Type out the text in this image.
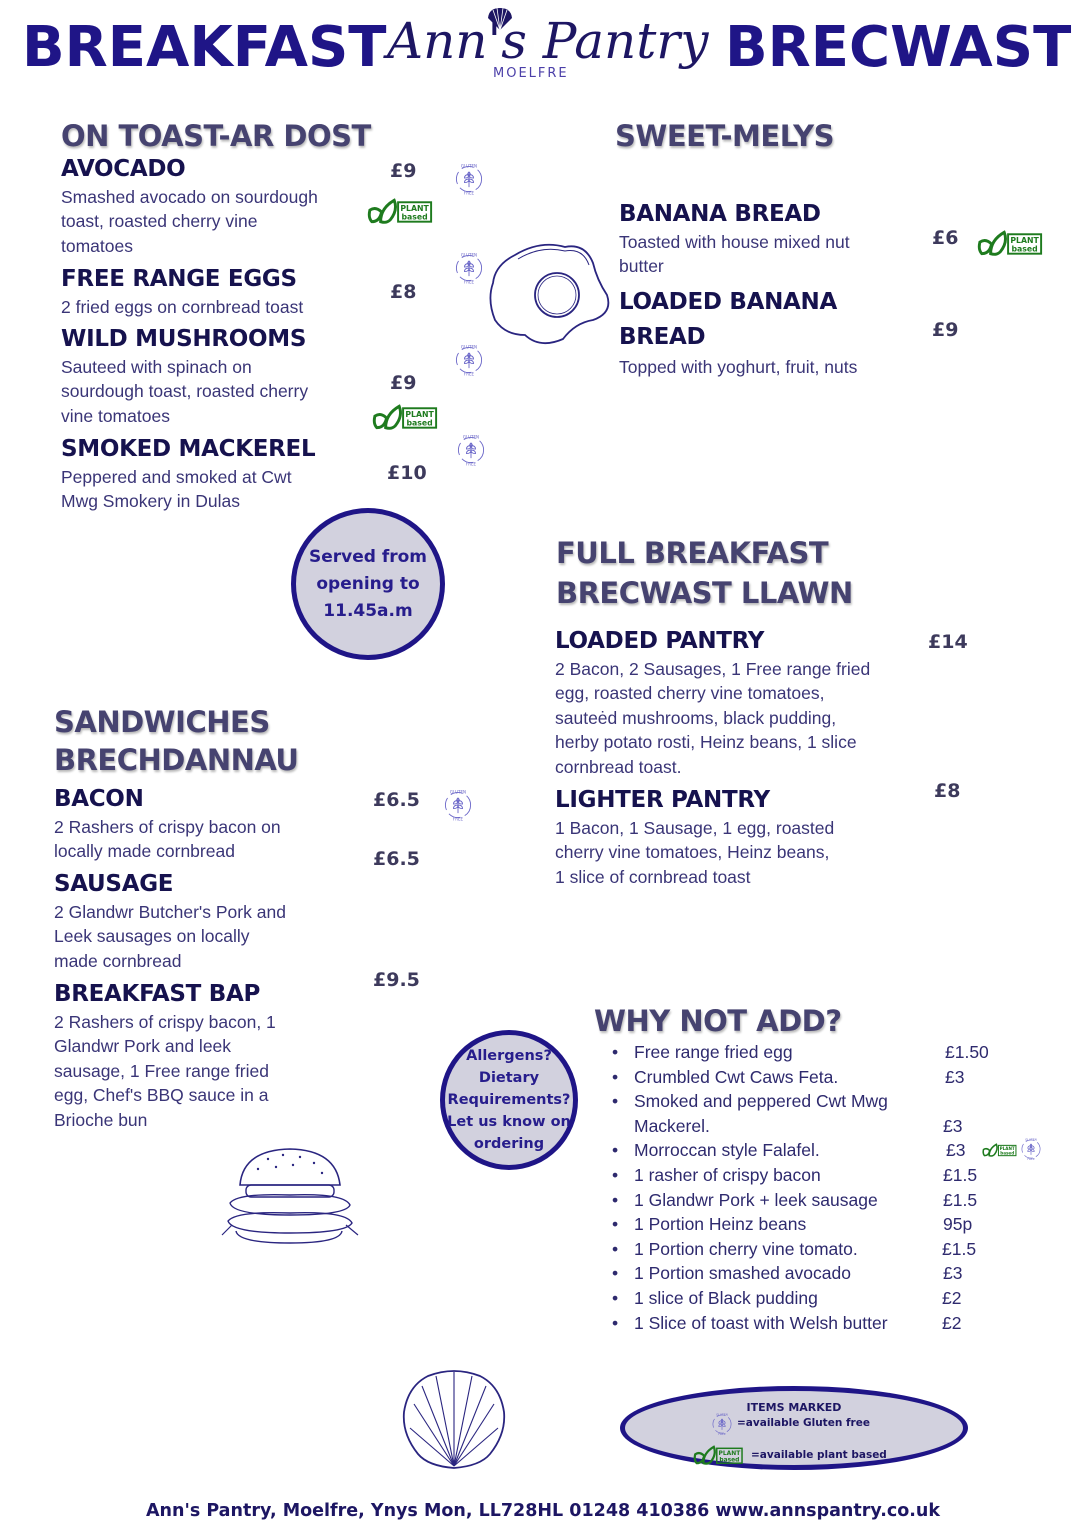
BREAKFAST	BRECWAST
Ann's Pantry
MOELFRE
ON TOAST-AR DOST
AVOCADO
Smashed avocado on sourdough
toast, roasted cherry vine
tomatoes
£9
FREE RANGE EGGS
2 fried eggs on cornbread toast
£8
WILD MUSHROOMS
Sauteed with spinach on
sourdough toast, roasted cherry
vine tomatoes
£9
SMOKED MACKEREL
Peppered and smoked at Cwt
Mwg Smokery in Dulas
£10
SWEET-MELYS
BANANA BREAD
Toasted with house mixed nut
butter
£6
LOADED BANANA
BREAD
Topped with yoghurt, fruit, nuts
£9
Served from
opening to
11.45a.m
FULL BREAKFAST
BRECWAST LLAWN
LOADED PANTRY
2 Bacon, 2 Sausages, 1 Free range fried
egg, roasted cherry vine tomatoes,
sauteėd mushrooms, black pudding,
herby potato rosti, Heinz beans, 1 slice
cornbread toast.
£14
LIGHTER PANTRY
1 Bacon, 1 Sausage, 1 egg, roasted
cherry vine tomatoes, Heinz beans,
1 slice of cornbread toast
£8
SANDWICHES
BRECHDANNAU
BACON
2 Rashers of crispy bacon on
locally made cornbread
£6.5
SAUSAGE
2 Glandwr Butcher's Pork and
Leek sausages on locally
made cornbread
£6.5
BREAKFAST BAP
2 Rashers of crispy bacon, 1
Glandwr Pork and leek
sausage, 1 Free range fried
egg, Chef's BBQ sauce in a
Brioche bun
£9.5
Allergens?
Dietary
Requirements?
Let us know on
ordering
WHY NOT ADD?
• Free range fried egg	£1.50
• Crumbled Cwt Caws Feta.	£3
• Smoked and peppered Cwt Mwg
Mackerel.	£3
• Morroccan style Falafel.	£3
• 1 rasher of crispy bacon	£1.5
• 1 Glandwr Pork + leek sausage	£1.5
• 1 Portion Heinz beans	95p
• 1 Portion cherry vine tomato.	£1.5
• 1 Portion smashed avocado	£3
• 1 slice of Black pudding	£2
• 1 Slice of toast with Welsh butter	£2
ITEMS MARKED
=available Gluten free
=available plant based
Ann's Pantry, Moelfre, Ynys Mon, LL728HL 01248 410386 www.annspantry.co.uk
